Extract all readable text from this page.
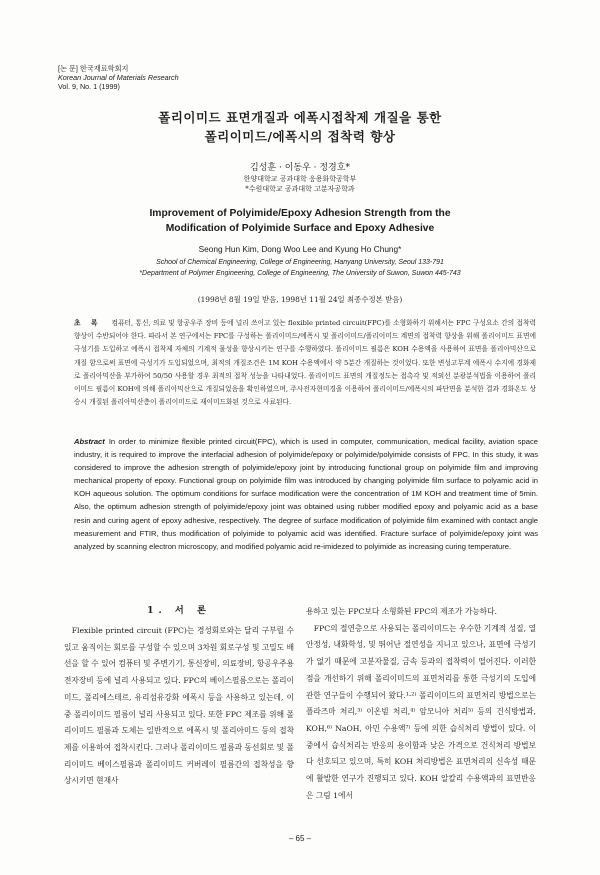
[논 문] 한국재료학회지
Korean Journal of Materials Research
Vol. 9, No. 1 (1999)
폴리이미드 표면개질과 에폭시접착제 개질을 통한
폴리이미드/에폭시의 접착력 향상
김성훈 · 이동우 · 정경호*
한양대학교 공과대학 응용화학공학부
*수원대학교 공과대학 고분자공학과
Improvement of Polyimide/Epoxy Adhesion Strength from the
Modification of Polyimide Surface and Epoxy Adhesive
Seong Hun Kim, Dong Woo Lee and Kyung Ho Chung*
School of Chemical Engineering, College of Engineering, Hanyang University, Seoul 133-791
*Department of Polymer Engineering, College of Engineering, The University of Suwon, Suwon 445-743
(1998년 8월 19일 받음, 1998년 11월 24일 최종수정본 받음)
초 록 컴퓨터, 통신, 의료 및 항공우주 장비 등에 널리 쓰이고 있는 flexible printed circuit(FPC)를 소형화하기 위해서는 FPC 구성요소 간의 접착력 향상이 수반되어야 한다. 따라서 본 연구에서는 FPC를 구성하는 폴리이미드/에폭시 및 폴리이미드/폴리이미드 계면의 접착력 향상을 위해 폴리이미드 표면에 극성기를 도입하고 에폭시 접착제 자체의 기계적 물성을 향상시키는 연구를 수행하였다. 폴리이미드 필름은 KOH 수용액을 사용하여 표면을 폴리아믹산으로 개질 함으로써 표면에 극성기가 도입되었으며, 최적의 개질조건은 1M KOH 수용액에서 약 5분간 개질하는 것이었다. 또한 변성고무계 에폭시 수지에 경화제로 폴리아믹산을 부가하여 50/50 사용할 경우 최적의 접착 성능을 나타내었다. 폴리이미드 표면의 개질정도는 접촉각 및 적외선 분광분석법을 이용하여 폴리이미드 필름이 KOH에 의해 폴리아믹산으로 개질되었음을 확인하였으며, 주사전자현미경을 이용하여 폴리이미드/에폭시의 파단면을 분석한 결과 경화온도 상승시 개질된 폴리아믹산층이 폴리이미드로 재이미드화된 것으로 사료된다.
Abstract In order to minimize flexible printed circuit(FPC), which is used in computer, communication, medical facility, aviation space industry, it is required to improve the interfacial adhesion of polyimide/epoxy or polyimide/polyimide consists of FPC. In this study, it was considered to improve the adhesion strength of polyimide/epoxy joint by introducing functional group on polyimide film and improving mechanical property of epoxy. Functional group on polyimide film was introduced by changing polyimide film surface to polyamic acid in KOH aqueous solution. The optimum conditions for surface modification were the concentration of 1M KOH and treatment time of 5min. Also, the optimum adhesion strength of polyimide/epoxy joint was obtained using rubber modified epoxy and polyamic acid as a base resin and curing agent of epoxy adhesive, respectively. The degree of surface modification of polyimide film examined with contact angle measurement and FTIR, thus modification of polyimide to polyamic acid was identified. Fracture surface of polyimide/epoxy joint was analyzed by scanning electron microscopy, and modified polyamic acid re-imidezed to polyimide as increasing curing temperature.
1. 서 론

Flexible printed circuit (FPC)는 경성회로와는 달리 구부릴 수 있고 움직이는 회로를 구성할 수 있으며 3차원 회로구성 및 고밀도 배선을 할 수 있어 컴퓨터 및 주변기기, 통신장비, 의료장비, 항공우주용 전자장비 등에 널리 사용되고 있다. FPC의 베이스필름으로는 폴리이미드, 폴리에스테르, 유리섬유강화 에폭시 등을 사용하고 있는데, 이중 폴리이미드 필름이 널리 사용되고 있다. 또한 FPC 제조를 위해 폴리이미드 필름과 도체는 일반적으로 에폭시 및 폴리아미드 등의 접착제를 이용하여 접착시킨다. 그러나 폴리이미드 필름과 동선회로 및 폴리이미드 베이스필름과 폴리이미드 커버레이 필름간의 접착성을 향상시키면 현재사

용하고 있는 FPC보다 소형화된 FPC의 제조가 가능하다.

FPC의 절연층으로 사용되는 폴리이미드는 우수한 기계적 성질, 열안정성, 내화학성, 및 뛰어난 절연성을 지니고 있으나, 표면에 극성기가 없기 때문에 고분자물질, 금속 등과의 접착력이 떨어진다. 이러한 점을 개선하기 위해 폴리이미드의 표면처리를 통한 극성기의 도입에 관한 연구들이 수행되어 왔다.¹·²⁾ 폴리이미드의 표면처리 방법으로는 플라즈마 처리,³⁾ 이온빔 처리,⁴⁾ 암모니아 처리⁵⁾ 등의 건식방법과, KOH,⁶⁾ NaOH, 아민 수용액⁷⁾ 등에 의한 습식처리 방법이 있다. 이중에서 습식처리는 반응의 용이함과 낮은 가격으로 건식처리 방법보다 선호되고 있으며, 특히 KOH 처리방법은 표면처리의 신속성 때문에 활발한 연구가 진행되고 있다. KOH 알칼리 수용액과의 표면반응은 그림 1에서

– 65 –
